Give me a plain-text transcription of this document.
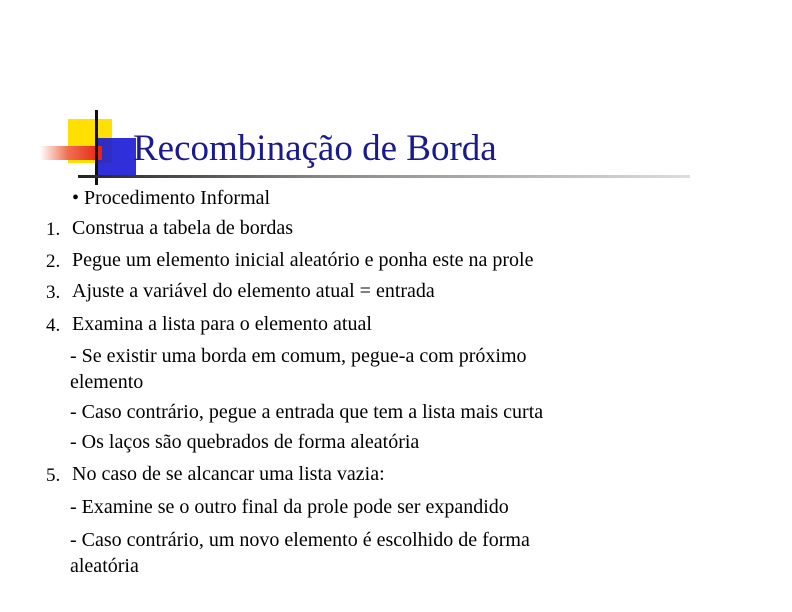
Recombinação de Borda
• Procedimento Informal
1. Construa a tabela de bordas
2. Pegue um elemento inicial aleatório e ponha este na prole
3. Ajuste a variável do elemento atual = entrada
4. Examina a lista para o elemento atual
- Se existir uma borda em comum, pegue-a com próximo
elemento
- Caso contrário, pegue a entrada que tem a lista mais curta
- Os laços são quebrados de forma aleatória
5. No caso de se alcancar uma lista vazia:
- Examine se o outro final da prole pode ser expandido
- Caso contrário, um novo elemento é escolhido de forma
aleatória
